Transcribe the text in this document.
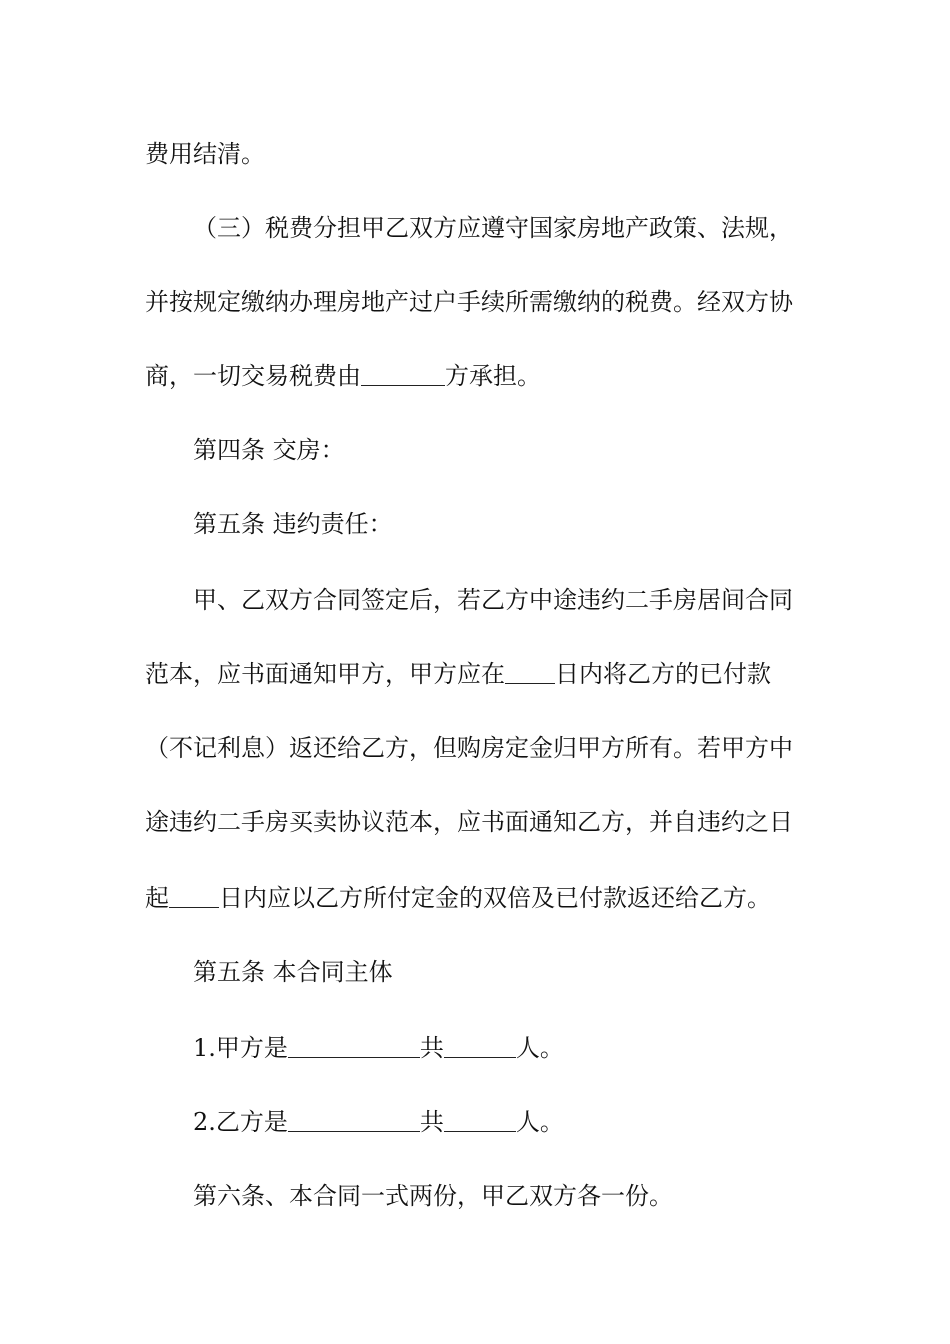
费用结清。
（三）税费分担甲乙双方应遵守国家房地产政策、法规，
并按规定缴纳办理房地产过户手续所需缴纳的税费。经双方协
商，一切交易税费由	方承担。
第四条 交房：
第五条 违约责任：
甲、乙双方合同签定后，若乙方中途违约二手房居间合同
范本，应书面通知甲方，甲方应在 日内将乙方的已付款
（不记利息）返还给乙方，但购房定金归甲方所有。若甲方中
途违约二手房买卖协议范本，应书面通知乙方，并自违约之日
起 日内应以乙方所付定金的双倍及已付款返还给乙方。
第五条 本合同主体
1.甲方是	共	人。
2.乙方是	共	人。
第六条、本合同一式两份，甲乙双方各一份。
